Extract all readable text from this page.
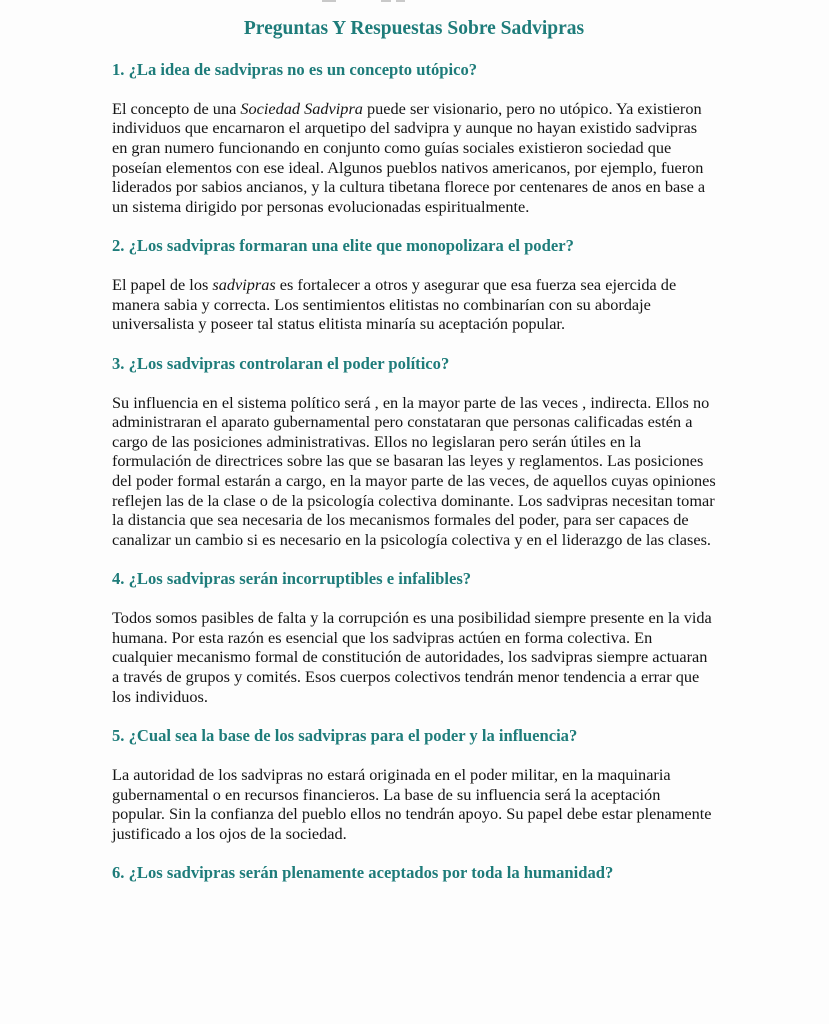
Preguntas Y Respuestas Sobre Sadvipras
1. ¿La idea de sadvipras no es un concepto utópico?

El concepto de una Sociedad Sadvipra puede ser visionario, pero no utópico. Ya existieron individuos que encarnaron el arquetipo del sadvipra y aunque no hayan existido sadvipras en gran numero funcionando en conjunto como guías sociales existieron sociedad que poseían elementos con ese ideal. Algunos pueblos nativos americanos, por ejemplo, fueron liderados por sabios ancianos, y la cultura tibetana florece por centenares de anos en base a un sistema dirigido por personas evolucionadas espiritualmente.

2. ¿Los sadvipras formaran una elite que monopolizara el poder?

El papel de los sadvipras es fortalecer a otros y asegurar que esa fuerza sea ejercida de manera sabia y correcta. Los sentimientos elitistas no combinarían con su abordaje universalista y poseer tal status elitista minaría su aceptación popular.

3. ¿Los sadvipras controlaran el poder político?

Su influencia en el sistema político será , en la mayor parte de las veces , indirecta. Ellos no administraran el aparato gubernamental pero constataran que personas calificadas estén a cargo de las posiciones administrativas. Ellos no legislaran pero serán útiles en la formulación de directrices sobre las que se basaran las leyes y reglamentos. Las posiciones del poder formal estarán a cargo, en la mayor parte de las veces, de aquellos cuyas opiniones reflejen las de la clase o de la psicología colectiva dominante. Los sadvipras necesitan tomar la distancia que sea necesaria de los mecanismos formales del poder, para ser capaces de canalizar un cambio si es necesario en la psicología colectiva y en el liderazgo de las clases.

4. ¿Los sadvipras serán incorruptibles e infalibles?

Todos somos pasibles de falta y la corrupción es una posibilidad siempre presente en la vida humana. Por esta razón es esencial que los sadvipras actúen en forma colectiva. En cualquier mecanismo formal de constitución de autoridades, los sadvipras siempre actuaran a través de grupos y comités. Esos cuerpos colectivos tendrán menor tendencia a errar que los individuos.

5. ¿Cual sea la base de los sadvipras para el poder y la influencia?

La autoridad de los sadvipras no estará originada en el poder militar, en la maquinaria gubernamental o en recursos financieros. La base de su influencia será la aceptación popular. Sin la confianza del pueblo ellos no tendrán apoyo. Su papel debe estar plenamente justificado a los ojos de la sociedad.

6. ¿Los sadvipras serán plenamente aceptados por toda la humanidad?
